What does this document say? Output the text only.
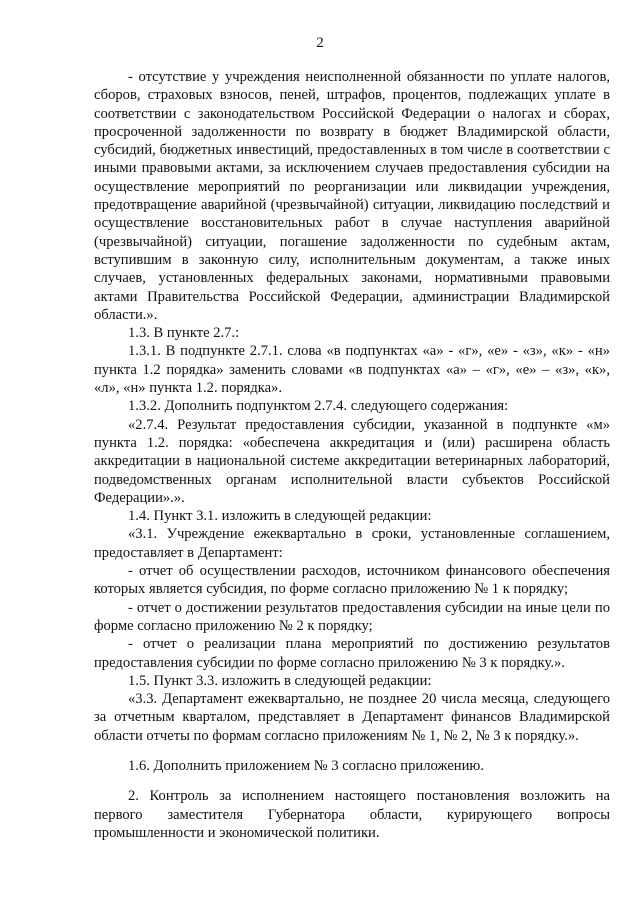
2

- отсутствие у учреждения неисполненной обязанности по уплате налогов, сборов, страховых взносов, пеней, штрафов, процентов, подлежащих уплате в соответствии с законодательством Российской Федерации о налогах и сборах, просроченной задолженности по возврату в бюджет Владимирской области, субсидий, бюджетных инвестиций, предоставленных в том числе в соответствии с иными правовыми актами, за исключением случаев предоставления субсидии на осуществление мероприятий по реорганизации или ликвидации учреждения, предотвращение аварийной (чрезвычайной) ситуации, ликвидацию последствий и осуществление восстановительных работ в случае наступления аварийной (чрезвычайной) ситуации, погашение задолженности по судебным актам, вступившим в законную силу, исполнительным документам, а также иных случаев, установленных федеральных законами, нормативными правовыми актами Правительства Российской Федерации, администрации Владимирской области.».

1.3. В пункте 2.7.:

1.3.1. В подпункте 2.7.1. слова «в подпунктах «а» - «г», «е» - «з», «к» - «н» пункта 1.2 порядка» заменить словами «в подпунктах «а» – «г», «е» – «з», «к», «л», «н» пункта 1.2. порядка».

1.3.2. Дополнить подпунктом 2.7.4. следующего содержания:

«2.7.4. Результат предоставления субсидии, указанной в подпункте «м» пункта 1.2. порядка: «обеспечена аккредитация и (или) расширена область аккредитации в национальной системе аккредитации ветеринарных лабораторий, подведомственных органам исполнительной власти субъектов Российской Федерации».».

1.4. Пункт 3.1. изложить в следующей редакции:

«3.1. Учреждение ежеквартально в сроки, установленные соглашением, предоставляет в Департамент:

- отчет об осуществлении расходов, источником финансового обеспечения которых является субсидия, по форме согласно приложению № 1 к порядку;

- отчет о достижении результатов предоставления субсидии на иные цели по форме согласно приложению № 2 к порядку;

- отчет о реализации плана мероприятий по достижению результатов предоставления субсидии по форме согласно приложению № 3 к порядку.».

1.5. Пункт 3.3. изложить в следующей редакции:

«3.3. Департамент ежеквартально, не позднее 20 числа месяца, следующего за отчетным кварталом, представляет в Департамент финансов Владимирской области отчеты по формам согласно приложениям № 1, № 2, № 3 к порядку.».

1.6. Дополнить приложением № 3 согласно приложению.

2. Контроль за исполнением настоящего постановления возложить на первого заместителя Губернатора области, курирующего вопросы промышленности и экономической политики.
